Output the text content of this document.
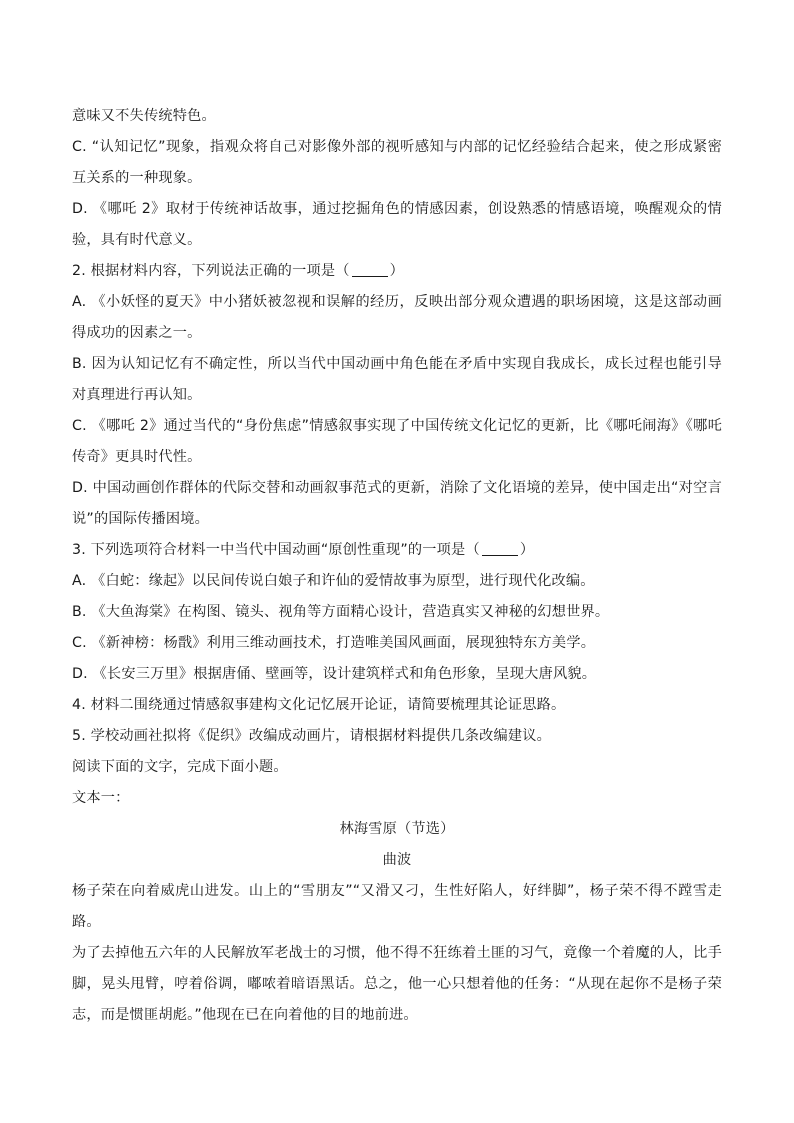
意味又不失传统特色。
C. “认知记忆”现象，指观众将自己对影像外部的视听感知与内部的记忆经验结合起来，使之形成紧密
互关系的一种现象。
D. 《哪吒 2》取材于传统神话故事，通过挖掘角色的情感因素，创设熟悉的情感语境，唤醒观众的情
验，具有时代意义。
2. 根据材料内容，下列说法正确的一项是（	）
A. 《小妖怪的夏天》中小猪妖被忽视和误解的经历，反映出部分观众遭遇的职场困境，这是这部动画
得成功的因素之一。
B. 因为认知记忆有不确定性，所以当代中国动画中角色能在矛盾中实现自我成长，成长过程也能引导
对真理进行再认知。
C. 《哪吒 2》通过当代的“身份焦虑”情感叙事实现了中国传统文化记忆的更新，比《哪吒闹海》《哪吒
传奇》更具时代性。
D. 中国动画创作群体的代际交替和动画叙事范式的更新，消除了文化语境的差异，使中国走出“对空言
说”的国际传播困境。
3. 下列选项符合材料一中当代中国动画“原创性重现”的一项是（	）
A. 《白蛇：缘起》以民间传说白娘子和许仙的爱情故事为原型，进行现代化改编。
B. 《大鱼海棠》在构图、镜头、视角等方面精心设计，营造真实又神秘的幻想世界。
C. 《新神榜：杨戬》利用三维动画技术，打造唯美国风画面，展现独特东方美学。
D. 《长安三万里》根据唐俑、壁画等，设计建筑样式和角色形象，呈现大唐风貌。
4. 材料二围绕通过情感叙事建构文化记忆展开论证，请简要梳理其论证思路。
5. 学校动画社拟将《促织》改编成动画片，请根据材料提供几条改编建议。
阅读下面的文字，完成下面小题。
文本一：
林海雪原（节选）
曲波
杨子荣在向着威虎山进发。山上的“雪朋友”“又滑又刁，生性好陷人，好绊脚”，杨子荣不得不蹚雪走
路。
为了去掉他五六年的人民解放军老战士的习惯，他不得不狂练着土匪的习气，竟像一个着魔的人，比手
脚，晃头甩臂，哼着俗调，嘟哝着暗语黑话。总之，他一心只想着他的任务：“从现在起你不是杨子荣
志，而是惯匪胡彪。”他现在已在向着他的目的地前进。
